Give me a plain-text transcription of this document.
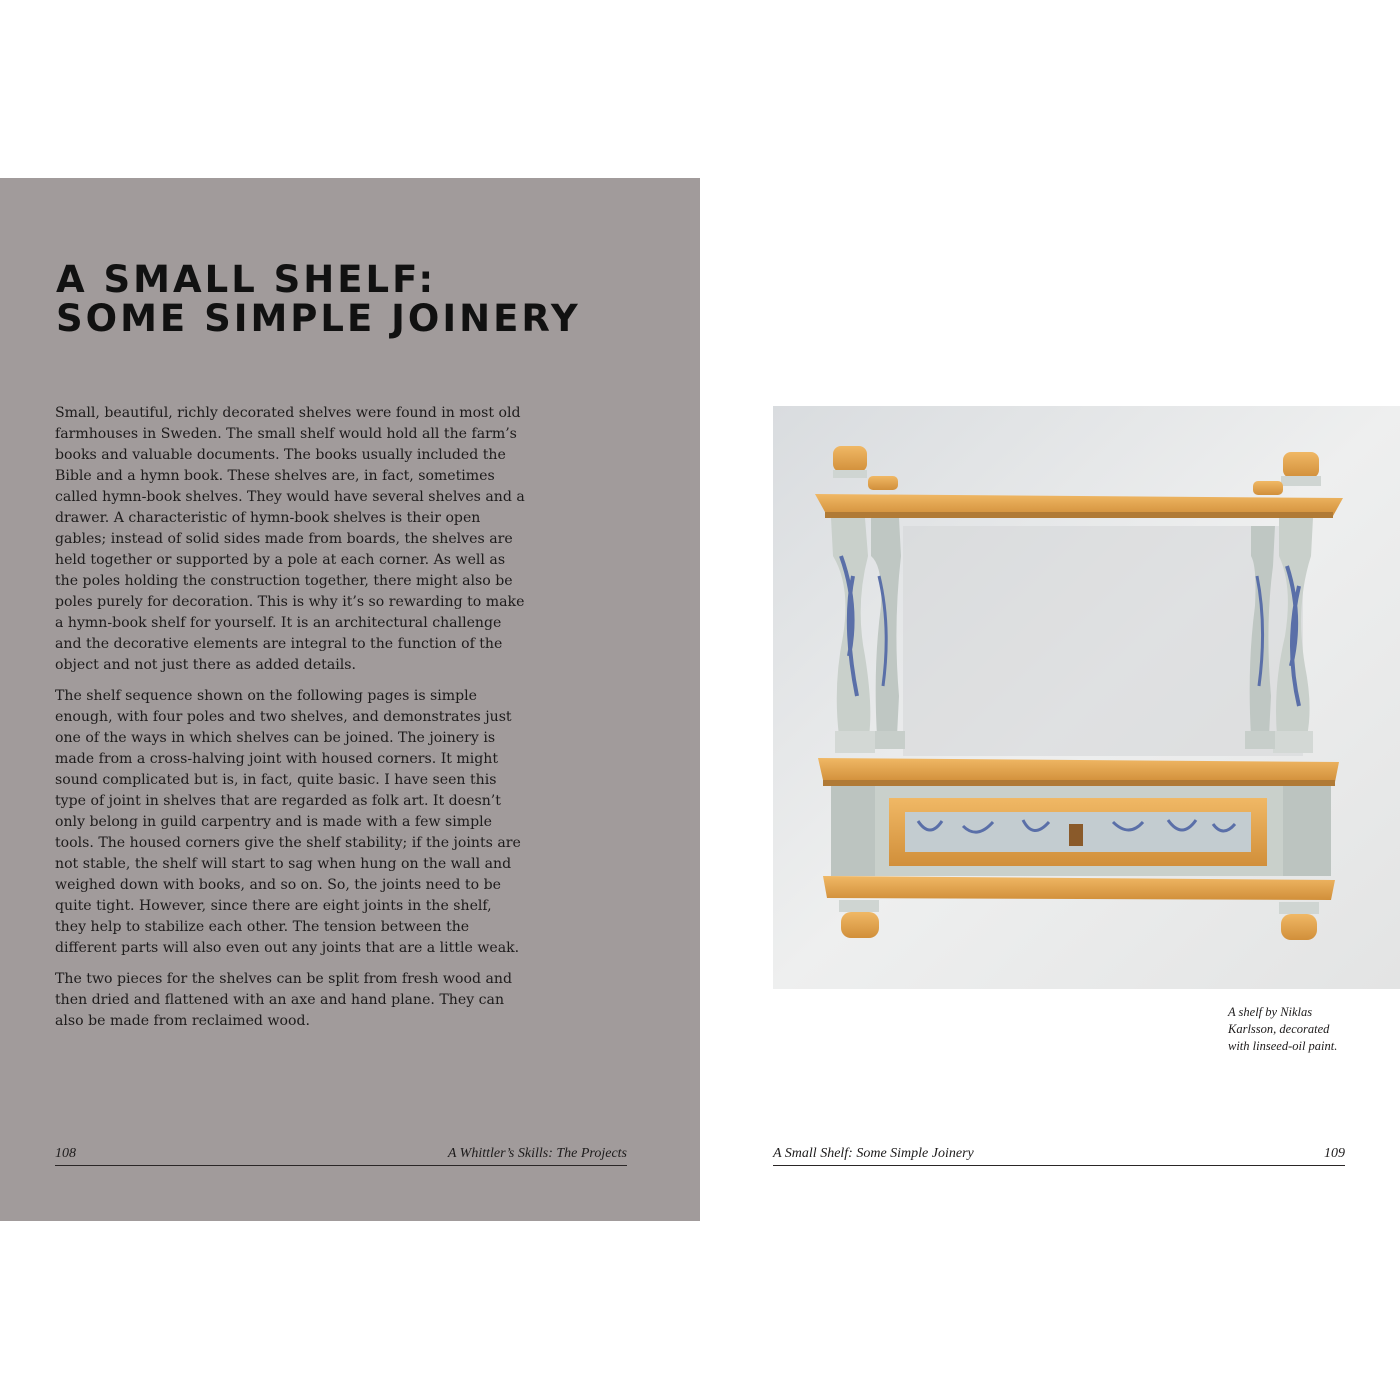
A SMALL SHELF:
SOME SIMPLE JOINERY

Small, beautiful, richly decorated shelves were found in most old farmhouses in Sweden. The small shelf would hold all the farm’s books and valuable documents. The books usually included the Bible and a hymn book. These shelves are, in fact, sometimes called hymn-book shelves. They would have several shelves and a drawer. A characteristic of hymn-book shelves is their open gables; instead of solid sides made from boards, the shelves are held together or supported by a pole at each corner. As well as the poles holding the construction together, there might also be poles purely for decoration. This is why it’s so rewarding to make a hymn-book shelf for yourself. It is an architectural challenge and the decorative elements are integral to the function of the object and not just there as added details.

The shelf sequence shown on the following pages is simple enough, with four poles and two shelves, and demonstrates just one of the ways in which shelves can be joined. The joinery is made from a cross-halving joint with housed corners. It might sound complicated but is, in fact, quite basic. I have seen this type of joint in shelves that are regarded as folk art. It doesn’t only belong in guild carpentry and is made with a few simple tools. The housed corners give the shelf stability; if the joints are not stable, the shelf will start to sag when hung on the wall and weighed down with books, and so on. So, the joints need to be quite tight. However, since there are eight joints in the shelf, they help to stabilize each other. The tension between the different parts will also even out any joints that are a little weak.

The two pieces for the shelves can be split from fresh wood and then dried and flattened with an axe and hand plane. They can also be made from reclaimed wood.

108	A Whittler’s Skills: The Projects
A shelf by Niklas
Karlsson, decorated
with linseed-oil paint.
A Small Shelf: Some Simple Joinery	109
